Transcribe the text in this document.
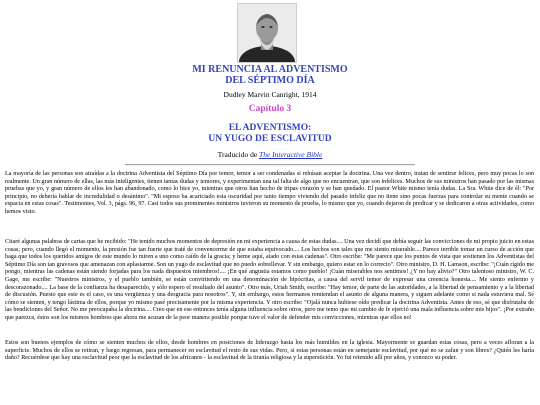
MI RENUNCIA AL ADVENTISMO
DEL SÉPTIMO DÍA
Dudley Marvin Canright, 1914
Capítulo 3
EL ADVENTISMO:
UN YUGO DE ESCLAVITUD
Traducido de The Interactive Bible

La mayoría de las personas son atraídas a la doctrina Adventista del Séptimo Día por temor, temor a ser condenadas si rehúsan aceptar la doctrina. Una vez dentro, tratan de sentirse felices, pero muy pocas lo son realmente. Un gran número de ellas, las más inteligentes, tienen tantas dudas y temores, y experimentan una tal falta de algo que no encuentran, que son infelices. Muchos de sus ministros han pasado por las mismas pruebas que yo, y gran número de ellos les han abandonado, como lo hice yo, mientras que otros han hecho de tripas corazón y se han quedado. El pastor White mismo tenía dudas. La Sra. White dice de él: "Por principio, no debería hablar de incredulidad o desánimo". "Mi esposo ha acariciado esta oscuridad por tanto tiempo viviendo del pasado infeliz que no tiene sino pocas fuerzas para controlar su mente cuando se espacia en estas cosas". Testimonies, Vol. 3, págs. 96, 97. Casi todos sus prominentes ministros tuvieron su momento de prueba, lo mismo que yo, cuando dejaron de predicar y se dedicaron a otras actividades, como hemos visto.

Citaré algunas palabras de cartas que he recibido: "He tenido muchos momentos de depresión en mi experiencia a causa de estas dudas.... Una vez decidí que debía seguir las convicciones de mi propio juicio en estas cosas; pero, cuando llegó el momento, la presión fue tan fuerte que traté de convencerme de que estaba equivocado.... Los hechos son tales que me siento miserable.... Parece terrible tomar un curso de acción que haga que todos los queridos amigos de este mundo lo miren a uno como caído de la gracia; y heme aquí, atado con estas cadenas". Otro escribe: "Me parece que los puntos de vista que sostienen los Adventistas del Séptimo Día son tan gravosos que amenazan con aplastarme. Son un yugo de esclavitud que no puedo sobrellevar. Y sin embargo, quiero estar en lo correcto". Otro ministro, D. H. Lamson, escribe: "¡Cuán rígido me pongo, mientras las cadenas están siendo forjadas para los nada dispuestos miembros!.... ¡En qué angustia estamos como pueblo! ¡Cuán miserables nos sentimos! ¿Y no hay alivio?" Otro talentoso ministro, W. C. Gage, me escribe: "Nuestros ministros, y el pueblo también, se están convirtiendo en una denominación de hipócritas, a causa del servil temor de expresar una creencia honesta.... Me siento enfermo y descorazonado.... La base de la confianza ha desaparecido, y sólo espero el resultado del asunto". Otro más, Uriah Smith, escribe: "Hay temor, de parte de las autoridades, a la libertad de pensamiento y a la libertad de discusión. Puesto que este es el caso, es una vergüenza y una desgracia para nosotros". Y, sin embargo, estos hermanos remiendan el asunto de alguna manera, y siguen adelante como si nada estuviera mal. Sé cómo se sienten, y tengo lástima de ellos, porque yo mismo pasé precisamente por la misma experiencia. Y otro escribe: "Ojalá nunca hubiese oído predicar la doctrina Adventista. Antes de eso, sé que disfrutaba de las bendiciones del Señor. No me preocupaba la doctrina.... Creo que en ese entonces tenía alguna influencia sobre otros, pero me temo que mi cambio de fe ejerció una mala influencia sobre mis hijos". ¡Por extraño que parezca, éstos son los mismos hombres que ahora me acusan de la peor manera posible porque tuve el valor de defender mis convicciones, mientras que ellos no!

Estos son buenos ejemplos de cómo se sienten muchos de ellos, desde hombres en posiciones de liderazgo hasta los más humildes en la iglesia. Mayormente se guardan estas cosas, pero a veces afloran a la superficie. Muchos de ellos se retiran, y luego regresan, para permanecer en esclavitud el resto de sus vidas. Pero, si estas personas están en semejante esclavitud, por qué no se zafan y son libres? ¿Quién les haría daño? Recuérdese que hay una esclavitud peor que la esclavitud de los africanos - la esclavitud de la tiranía religiosa y la superstición. Yo fui retenido allí por años, y conozco su poder.
